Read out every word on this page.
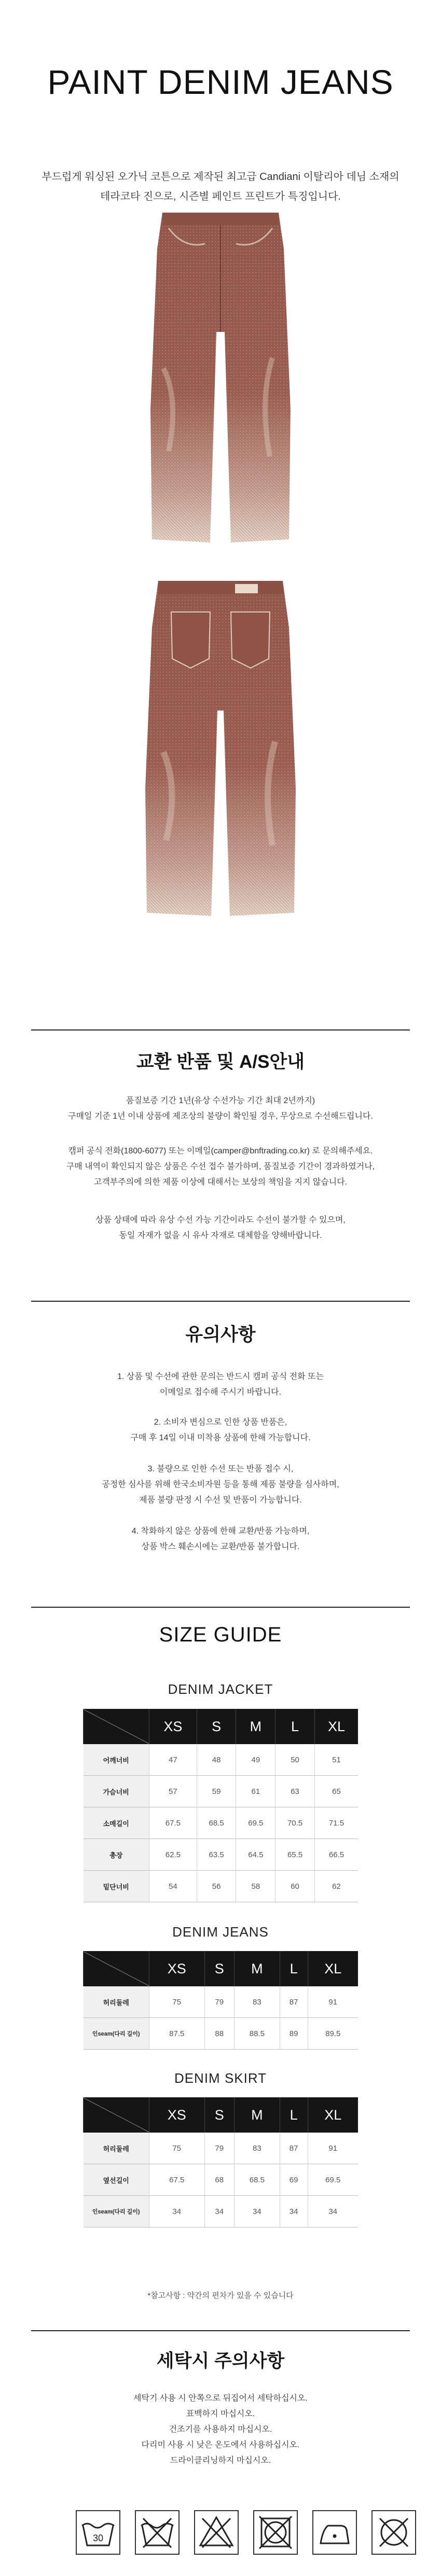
PAINT DENIM JEANS
부드럽게 워싱된 오가닉 코튼으로 제작된 최고급 Candiani 이탈리아 데님 소재의
테라코타 진으로, 시즌별 페인트 프린트가 특징입니다.
교환 반품 및 A/S안내
품질보증 기간 1년(유상 수선가능 기간 최대 2년까지)
구매일 기준 1년 이내 상품에 제조상의 불량이 확인될 경우, 무상으로 수선해드립니다.
캠퍼 공식 전화(1800-6077) 또는 이메일(camper@bnftrading.co.kr) 로 문의해주세요.
구매 내역이 확인되지 않은 상품은 수선 접수 불가하며, 품질보증 기간이 경과하였거나,
고객부주의에 의한 제품 이상에 대해서는 보상의 책임을 지지 않습니다.
상품 상태에 따라 유상 수선 가능 기간이라도 수선이 불가할 수 있으며,
동일 자재가 없을 시 유사 자재로 대체함을 양해바랍니다.
유의사항
1. 상품 및 수선에 관한 문의는 반드시 캠퍼 공식 전화 또는
이메일로 접수해 주시기 바랍니다.
2. 소비자 변심으로 인한 상품 반품은,
구매 후 14일 이내 미착용 상품에 한해 가능합니다.
3. 불량으로 인한 수선 또는 반품 접수 시,
공정한 심사를 위해 한국소비자원 등을 통해 제품 불량을 심사하며,
제품 불량 판정 시 수선 및 반품이 가능합니다.
4. 착화하지 않은 상품에 한해 교환/반품 가능하며,
상품 박스 훼손시에는 교환/반품 불가합니다.
SIZE GUIDE
DENIM JACKET
	XS	S	M	L	XL
어깨너비	47	48	49	50	51
가슴너비	57	59	61	63	65
소매길이	67.5	68.5	69.5	70.5	71.5
총장	62.5	63.5	64.5	65.5	66.5
밑단너비	54	56	58	60	62
DENIM JEANS
	XS	S	M	L	XL
허리둘레	75	79	83	87	91
인seam(다리 길이)	87.5	88	88.5	89	89.5
DENIM SKIRT
	XS	S	M	L	XL
허리둘레	75	79	83	87	91
옆선길이	67.5	68	68.5	69	69.5
인seam(다리 길이)	34	34	34	34	34
*참고사항 : 약간의 편차가 있을 수 있습니다
세탁시 주의사항
세탁기 사용 시 안쪽으로 뒤집어서 세탁하십시오.
표백하지 마십시오.
건조기를 사용하지 마십시오.
다리미 사용 시 낮은 온도에서 사용하십시오.
드라이클리닝하지 마십시오.
30
